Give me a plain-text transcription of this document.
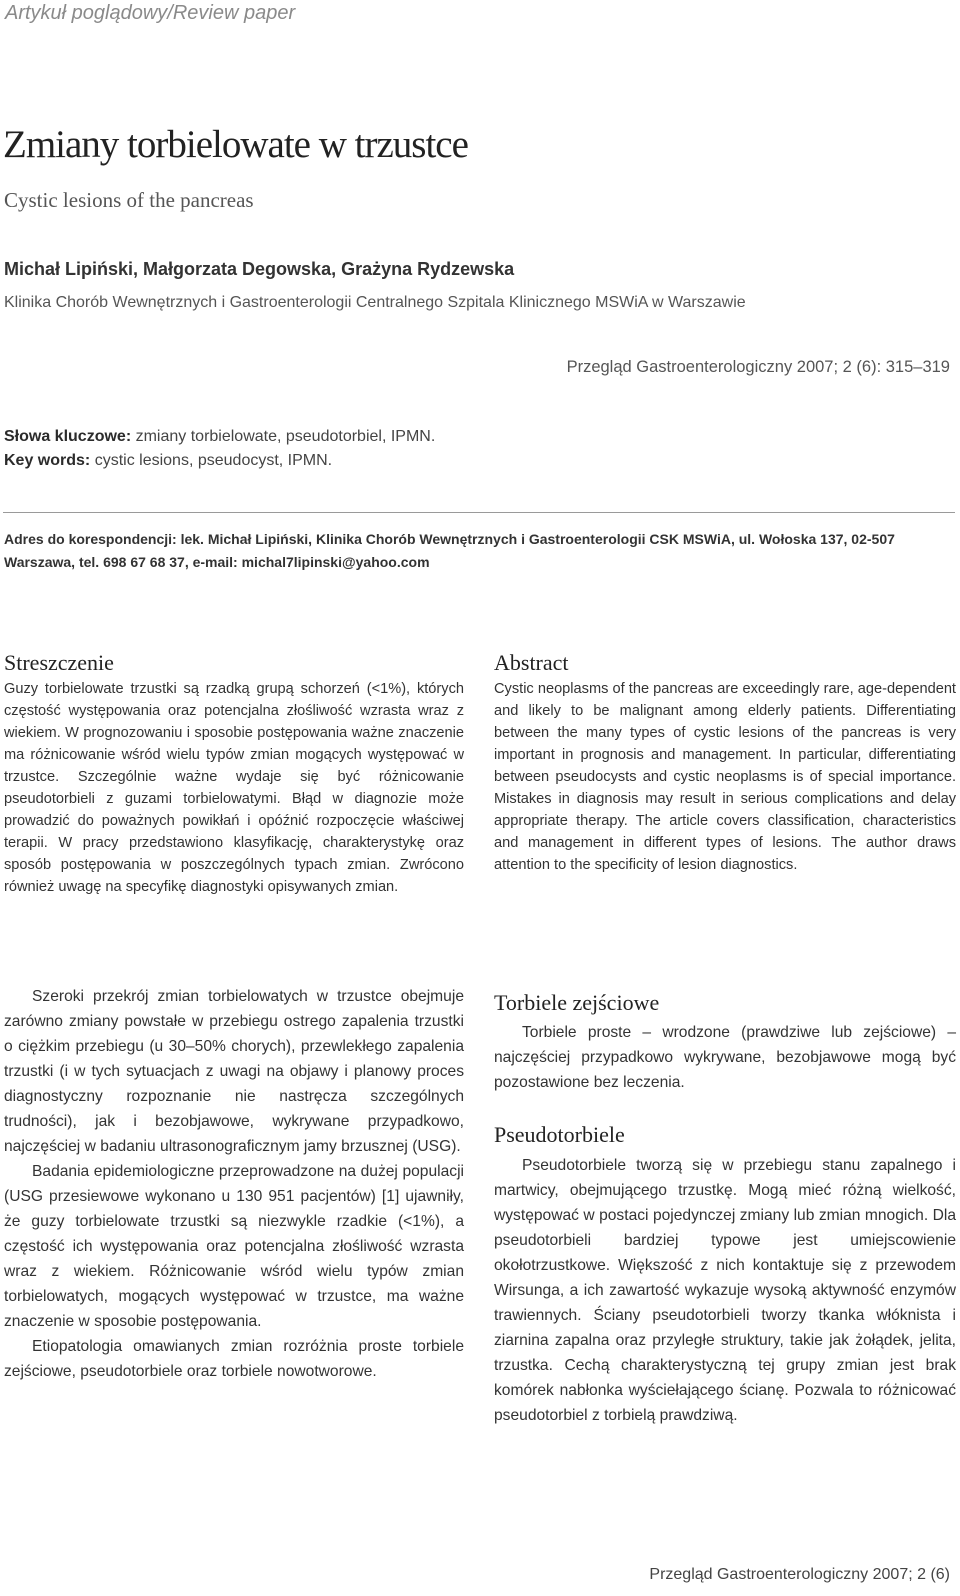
Artykuł poglądowy/Review paper
Zmiany torbielowate w trzustce
Cystic lesions of the pancreas
Michał Lipiński, Małgorzata Degowska, Grażyna Rydzewska
Klinika Chorób Wewnętrznych i Gastroenterologii Centralnego Szpitala Klinicznego MSWiA w Warszawie
Przegląd Gastroenterologiczny 2007; 2 (6): 315–319
Słowa kluczowe: zmiany torbielowate, pseudotorbiel, IPMN.
Key words: cystic lesions, pseudocyst, IPMN.
Adres do korespondencji: lek. Michał Lipiński, Klinika Chorób Wewnętrznych i Gastroenterologii CSK MSWiA, ul. Wołoska 137, 02-507 Warszawa, tel. 698 67 68 37, e-mail: michal7lipinski@yahoo.com
Streszczenie

Guzy torbielowate trzustki są rzadką grupą schorzeń (<1%), których częstość występowania oraz potencjalna złośliwość wzrasta wraz z wiekiem. W prognozowaniu i sposobie postępowania ważne znaczenie ma różnicowanie wśród wielu typów zmian mogących występować w trzustce. Szczególnie ważne wydaje się być różnicowanie pseudotorbieli z guzami torbielowatymi. Błąd w diagnozie może prowadzić do poważnych powikłań i opóźnić rozpoczęcie właściwej terapii. W pracy przedstawiono klasyfikację, charakterystykę oraz sposób postępowania w poszczególnych typach zmian. Zwrócono również uwagę na specyfikę diagnostyki opisywanych zmian.

Abstract

Cystic neoplasms of the pancreas are exceedingly rare, age-dependent and likely to be malignant among elderly patients. Differentiating between the many types of cystic lesions of the pancreas is very important in prognosis and management. In particular, differentiating between pseudocysts and cystic neoplasms is of special importance. Mistakes in diagnosis may result in serious complications and delay appropriate therapy. The article covers classification, characteristics and management in different types of lesions. The author draws attention to the specificity of lesion diagnostics.

Szeroki przekrój zmian torbielowatych w trzustce obejmuje zarówno zmiany powstałe w przebiegu ostrego zapalenia trzustki o ciężkim przebiegu (u 30–50% chorych), przewlekłego zapalenia trzustki (i w tych sytuacjach z uwagi na objawy i planowy proces diagnostyczny rozpoznanie nie nastręcza szczególnych trudności), jak i bezobjawowe, wykrywane przypadkowo, najczęściej w badaniu ultrasonograficznym jamy brzusznej (USG).

Badania epidemiologiczne przeprowadzone na dużej populacji (USG przesiewowe wykonano u 130 951 pacjentów) [1] ujawniły, że guzy torbielowate trzustki są niezwykle rzadkie (<1%), a częstość ich występowania oraz potencjalna złośliwość wzrasta wraz z wiekiem. Różnicowanie wśród wielu typów zmian torbielowatych, mogących występować w trzustce, ma ważne znaczenie w sposobie postępowania.

Etiopatologia omawianych zmian rozróżnia proste torbiele zejściowe, pseudotorbiele oraz torbiele nowotworowe.

Torbiele zejściowe

Torbiele proste – wrodzone (prawdziwe lub zejściowe) – najczęściej przypadkowo wykrywane, bezobjawowe mogą być pozostawione bez leczenia.

Pseudotorbiele

Pseudotorbiele tworzą się w przebiegu stanu zapalnego i martwicy, obejmującego trzustkę. Mogą mieć różną wielkość, występować w postaci pojedynczej zmiany lub zmian mnogich. Dla pseudotorbieli bardziej typowe jest umiejscowienie okołotrzustkowe. Większość z nich kontaktuje się z przewodem Wirsunga, a ich zawartość wykazuje wysoką aktywność enzymów trawiennych. Ściany pseudotorbieli tworzy tkanka włóknista i ziarnina zapalna oraz przyległe struktury, takie jak żołądek, jelita, trzustka. Cechą charakterystyczną tej grupy zmian jest brak komórek nabłonka wyściełającego ścianę. Pozwala to różnicować pseudotorbiel z torbielą prawdziwą.

Przegląd Gastroenterologiczny 2007; 2 (6)
